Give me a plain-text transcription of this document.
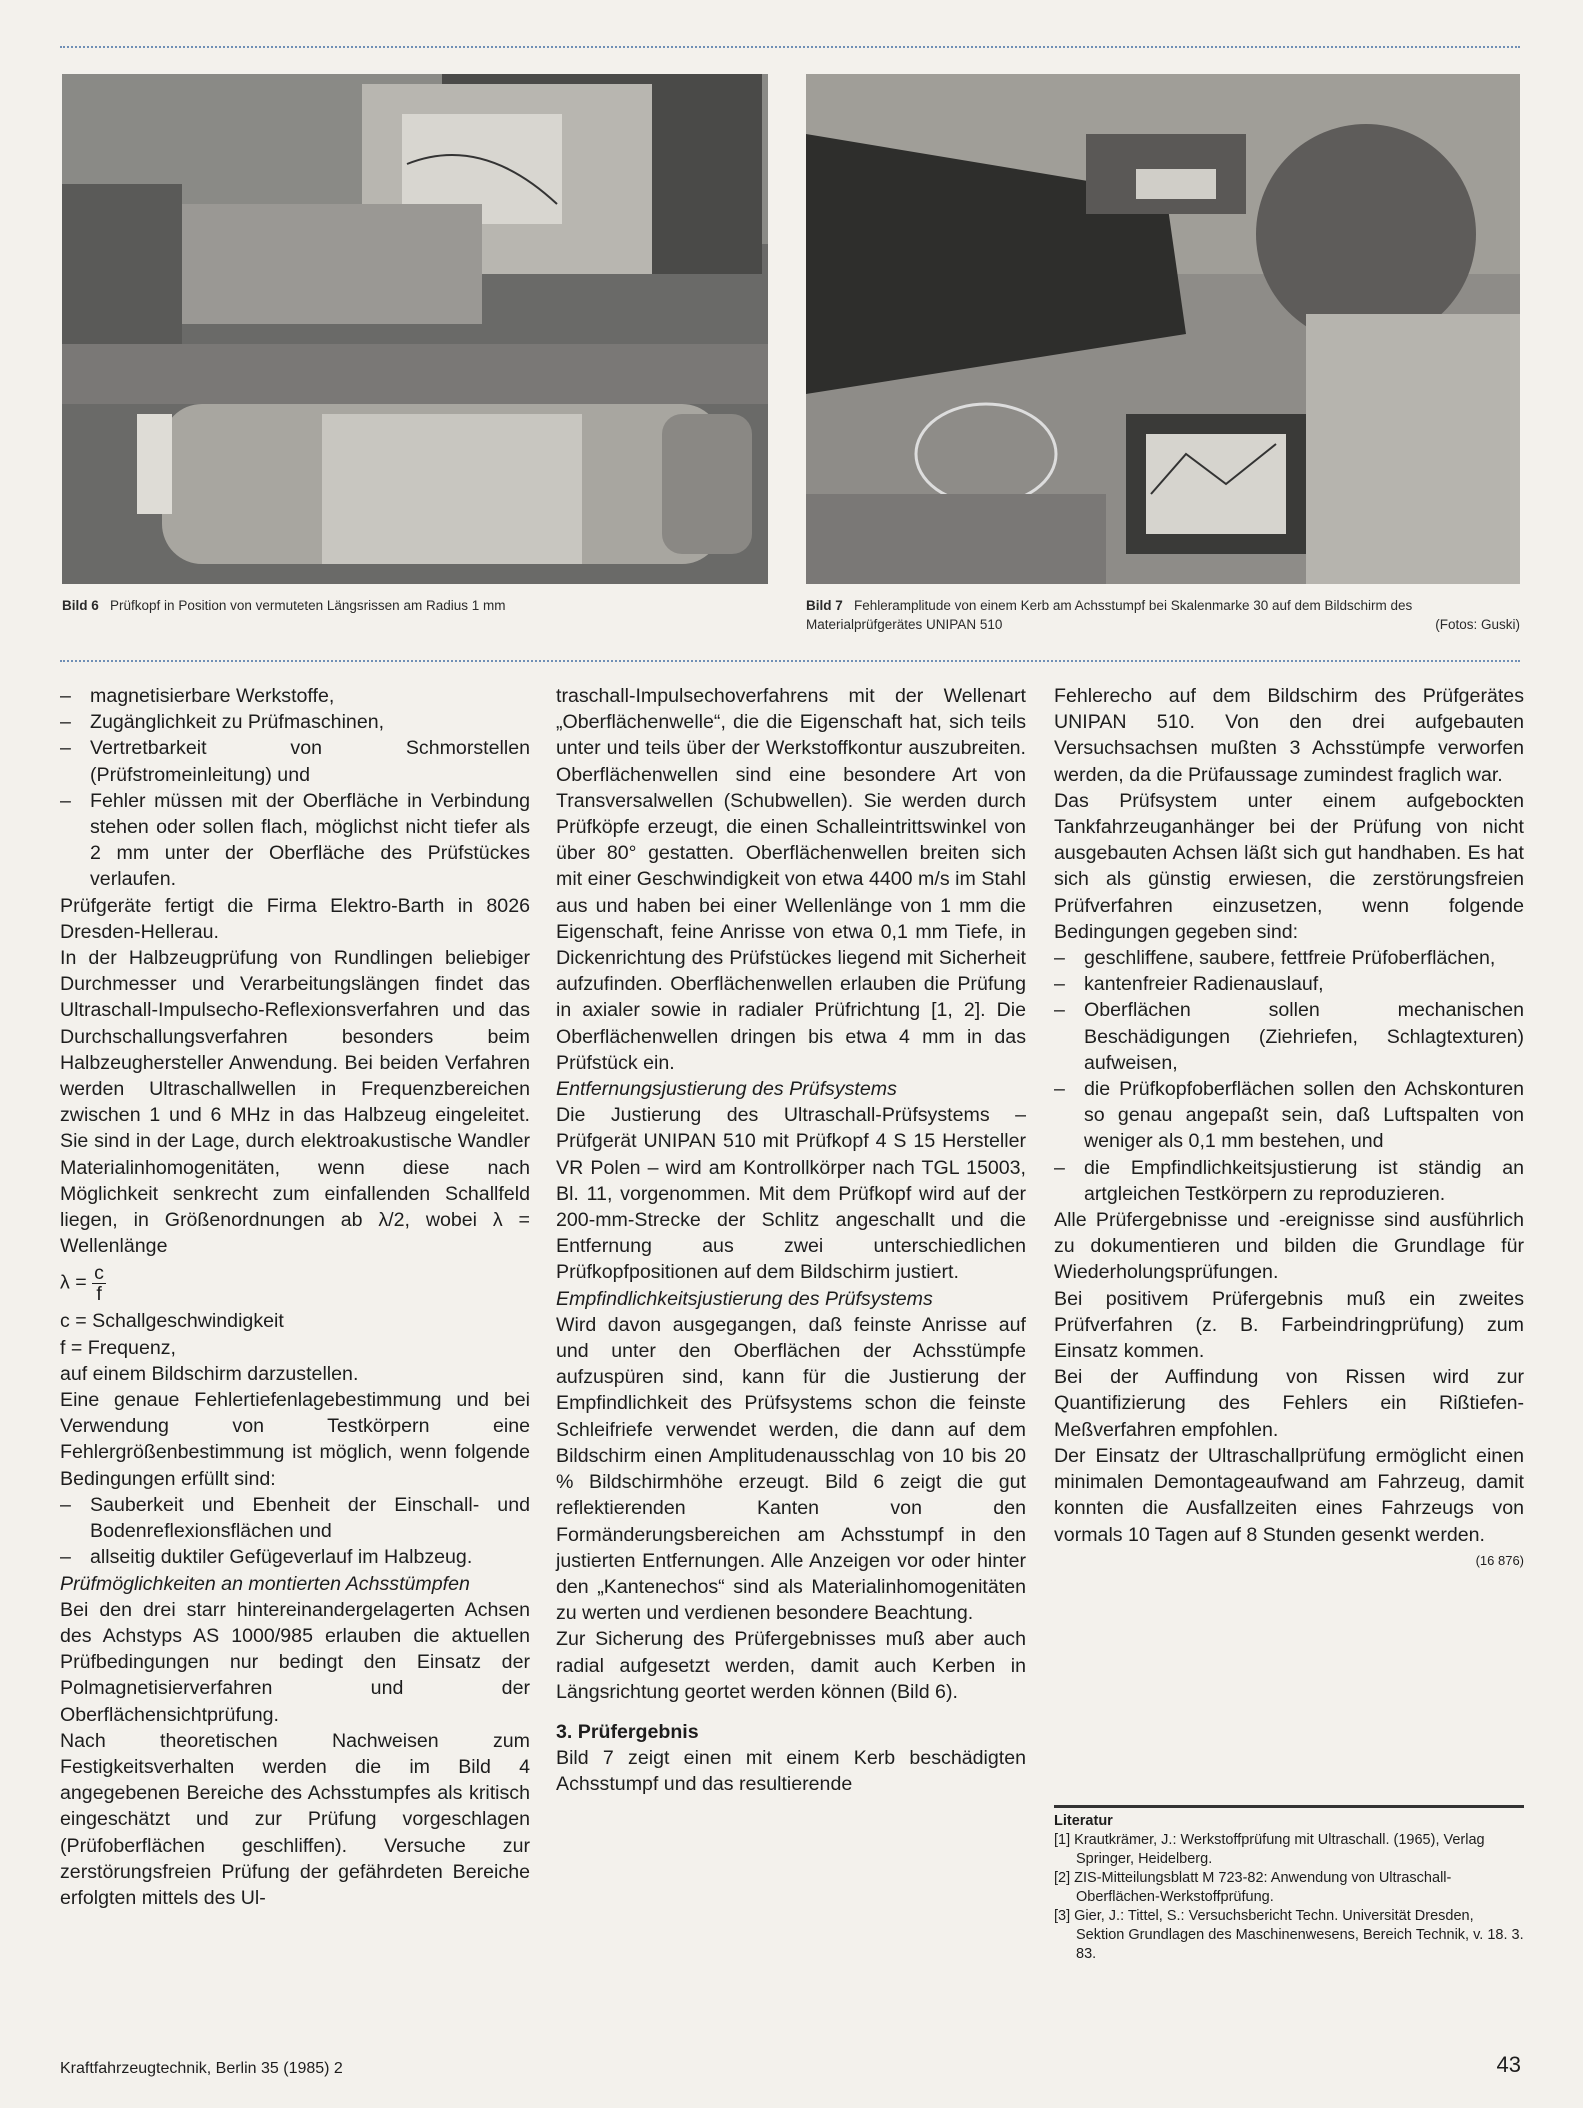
Bild 6 Prüfkopf in Position von vermuteten Längsrissen am Radius 1 mm	Bild 7 Fehleramplitude von einem Kerb am Achsstumpf bei Skalenmarke 30 auf dem Bildschirm des Materialprüfgerätes UNIPAN 510	(Fotos: Guski)
– magnetisierbare Werkstoffe,
– Zugänglichkeit zu Prüfmaschinen,
– Vertretbarkeit von Schmorstellen (Prüfstromeinleitung) und
– Fehler müssen mit der Oberfläche in Verbindung stehen oder sollen flach, möglichst nicht tiefer als 2 mm unter der Oberfläche des Prüfstückes verlaufen.

Prüfgeräte fertigt die Firma Elektro-Barth in 8026 Dresden-Hellerau.

In der Halbzeugprüfung von Rundlingen beliebiger Durchmesser und Verarbeitungslängen findet das Ultraschall-Impulsecho-Reflexionsverfahren und das Durchschallungsverfahren besonders beim Halbzeughersteller Anwendung. Bei beiden Verfahren werden Ultraschallwellen in Frequenzbereichen zwischen 1 und 6 MHz in das Halbzeug eingeleitet. Sie sind in der Lage, durch elektroakustische Wandler Materialinhomogenitäten, wenn diese nach Möglichkeit senkrecht zum einfallenden Schallfeld liegen, in Größenordnungen ab λ/2, wobei λ = Wellenlänge

$\lambda = \frac{c}{f}$

c = Schallgeschwindigkeit

f = Frequenz,

auf einem Bildschirm darzustellen.

Eine genaue Fehlertiefenlagebestimmung und bei Verwendung von Testkörpern eine Fehlergrößenbestimmung ist möglich, wenn folgende Bedingungen erfüllt sind:

– Sauberkeit und Ebenheit der Einschall- und Bodenreflexionsflächen und
– allseitig duktiler Gefügeverlauf im Halbzeug.

Prüfmöglichkeiten an montierten Achsstümpfen

Bei den drei starr hintereinandergelagerten Achsen des Achstyps AS 1000/985 erlauben die aktuellen Prüfbedingungen nur bedingt den Einsatz der Polmagnetisierverfahren und der Oberflächensichtprüfung.

Nach theoretischen Nachweisen zum Festigkeitsverhalten werden die im Bild 4 angegebenen Bereiche des Achsstumpfes als kritisch eingeschätzt und zur Prüfung vorgeschlagen (Prüfoberflächen geschliffen). Versuche zur zerstörungsfreien Prüfung der gefährdeten Bereiche erfolgten mittels des Ul-

traschall-Impulsechoverfahrens mit der Wellenart „Oberflächenwelle“, die die Eigenschaft hat, sich teils unter und teils über der Werkstoffkontur auszubreiten. Oberflächenwellen sind eine besondere Art von Transversalwellen (Schubwellen). Sie werden durch Prüfköpfe erzeugt, die einen Schalleintrittswinkel von über 80° gestatten. Oberflächenwellen breiten sich mit einer Geschwindigkeit von etwa 4400 m/s im Stahl aus und haben bei einer Wellenlänge von 1 mm die Eigenschaft, feine Anrisse von etwa 0,1 mm Tiefe, in Dickenrichtung des Prüfstückes liegend mit Sicherheit aufzufinden. Oberflächenwellen erlauben die Prüfung in axialer sowie in radialer Prüfrichtung [1, 2]. Die Oberflächenwellen dringen bis etwa 4 mm in das Prüfstück ein.

Entfernungsjustierung des Prüfsystems

Die Justierung des Ultraschall-Prüfsystems – Prüfgerät UNIPAN 510 mit Prüfkopf 4 S 15 Hersteller VR Polen – wird am Kontrollkörper nach TGL 15003, Bl. 11, vorgenommen. Mit dem Prüfkopf wird auf der 200-mm-Strecke der Schlitz angeschallt und die Entfernung aus zwei unterschiedlichen Prüfkopfpositionen auf dem Bildschirm justiert.

Empfindlichkeitsjustierung des Prüfsystems

Wird davon ausgegangen, daß feinste Anrisse auf und unter den Oberflächen der Achsstümpfe aufzuspüren sind, kann für die Justierung der Empfindlichkeit des Prüfsystems schon die feinste Schleifriefe verwendet werden, die dann auf dem Bildschirm einen Amplitudenausschlag von 10 bis 20 % Bildschirmhöhe erzeugt. Bild 6 zeigt die gut reflektierenden Kanten von den Formänderungsbereichen am Achsstumpf in den justierten Entfernungen. Alle Anzeigen vor oder hinter den „Kantenechos“ sind als Materialinhomogenitäten zu werten und verdienen besondere Beachtung.

Zur Sicherung des Prüfergebnisses muß aber auch radial aufgesetzt werden, damit auch Kerben in Längsrichtung geortet werden können (Bild 6).

3. Prüfergebnis

Bild 7 zeigt einen mit einem Kerb beschädigten Achsstumpf und das resultierende

Fehlerecho auf dem Bildschirm des Prüfgerätes UNIPAN 510. Von den drei aufgebauten Versuchsachsen mußten 3 Achsstümpfe verworfen werden, da die Prüfaussage zumindest fraglich war.

Das Prüfsystem unter einem aufgebockten Tankfahrzeuganhänger bei der Prüfung von nicht ausgebauten Achsen läßt sich gut handhaben. Es hat sich als günstig erwiesen, die zerstörungsfreien Prüfverfahren einzusetzen, wenn folgende Bedingungen gegeben sind:

– geschliffene, saubere, fettfreie Prüfoberflächen,
– kantenfreier Radienauslauf,
– Oberflächen sollen mechanischen Beschädigungen (Ziehriefen, Schlagtexturen) aufweisen,
– die Prüfkopfoberflächen sollen den Achskonturen so genau angepaßt sein, daß Luftspalten von weniger als 0,1 mm bestehen, und
– die Empfindlichkeitsjustierung ist ständig an artgleichen Testkörpern zu reproduzieren.

Alle Prüfergebnisse und -ereignisse sind ausführlich zu dokumentieren und bilden die Grundlage für Wiederholungsprüfungen.

Bei positivem Prüfergebnis muß ein zweites Prüfverfahren (z. B. Farbeindringprüfung) zum Einsatz kommen.

Bei der Auffindung von Rissen wird zur Quantifizierung des Fehlers ein Rißtiefen-Meßverfahren empfohlen.

Der Einsatz der Ultraschallprüfung ermöglicht einen minimalen Demontageaufwand am Fahrzeug, damit konnten die Ausfallzeiten eines Fahrzeugs von vormals 10 Tagen auf 8 Stunden gesenkt werden.

(16 876)

Literatur
[1] Krautkrämer, J.: Werkstoffprüfung mit Ultraschall. (1965), Verlag Springer, Heidelberg.
[2] ZIS-Mitteilungsblatt M 723-82: Anwendung von Ultraschall-Oberflächen-Werkstoffprüfung.
[3] Gier, J.: Tittel, S.: Versuchsbericht Techn. Universität Dresden, Sektion Grundlagen des Maschinenwesens, Bereich Technik, v. 18. 3. 83.
Kraftfahrzeugtechnik, Berlin 35 (1985) 2	43
